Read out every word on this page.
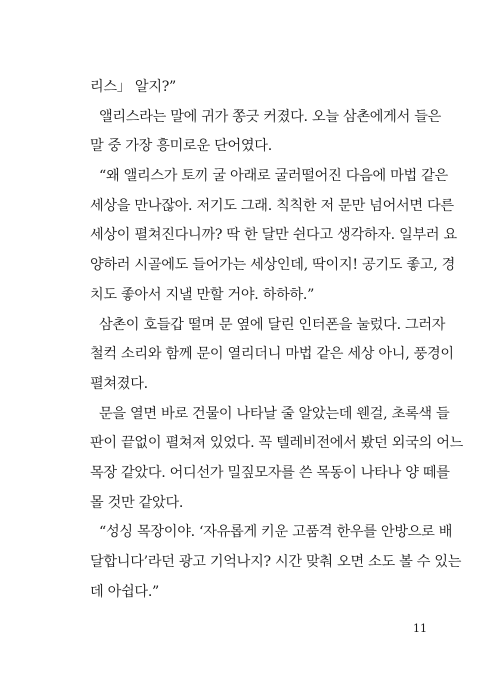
리스」 알지?”
앨리스라는 말에 귀가 쫑긋 커졌다. 오늘 삼촌에게서 들은
말 중 가장 흥미로운 단어였다.
“왜 앨리스가 토끼 굴 아래로 굴러떨어진 다음에 마법 같은
세상을 만나잖아. 저기도 그래. 칙칙한 저 문만 넘어서면 다른
세상이 펼쳐진다니까? 딱 한 달만 쉰다고 생각하자. 일부러 요
양하러 시골에도 들어가는 세상인데, 딱이지! 공기도 좋고, 경
치도 좋아서 지낼 만할 거야. 하하하.”
삼촌이 호들갑 떨며 문 옆에 달린 인터폰을 눌렀다. 그러자
철컥 소리와 함께 문이 열리더니 마법 같은 세상 아니, 풍경이
펼쳐졌다.
문을 열면 바로 건물이 나타날 줄 알았는데 웬걸, 초록색 들
판이 끝없이 펼쳐져 있었다. 꼭 텔레비전에서 봤던 외국의 어느
목장 같았다. 어디선가 밀짚모자를 쓴 목동이 나타나 양 떼를
몰 것만 같았다.
“성싱 목장이야. ‘자유롭게 키운 고품격 한우를 안방으로 배
달합니다’라던 광고 기억나지? 시간 맞춰 오면 소도 볼 수 있는
데 아쉽다.”
11
